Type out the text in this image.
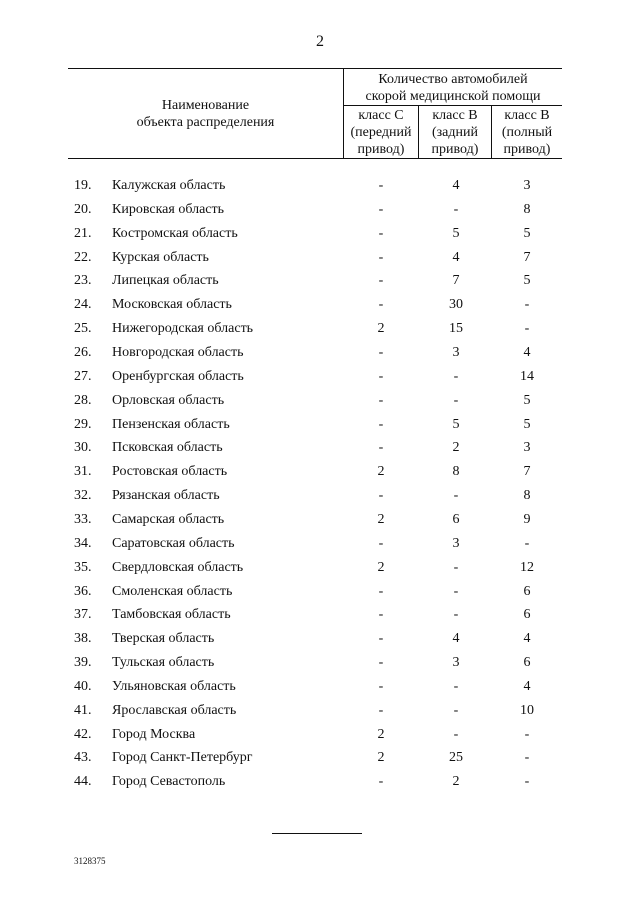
2
Наименование
объекта распределения
Количество автомобилей
скорой медицинской помощи
класс C
(передний
привод)
класс B
(задний
привод)
класс B
(полный
привод)
19.	Калужская область	-	4	3
20.	Кировская область	-	-	8
21.	Костромская область	-	5	5
22.	Курская область	-	4	7
23.	Липецкая область	-	7	5
24.	Московская область	-	30	-
25.	Нижегородская область	2	15	-
26.	Новгородская область	-	3	4
27.	Оренбургская область	-	-	14
28.	Орловская область	-	-	5
29.	Пензенская область	-	5	5
30.	Псковская область	-	2	3
31.	Ростовская область	2	8	7
32.	Рязанская область	-	-	8
33.	Самарская область	2	6	9
34.	Саратовская область	-	3	-
35.	Свердловская область	2	-	12
36.	Смоленская область	-	-	6
37.	Тамбовская область	-	-	6
38.	Тверская область	-	4	4
39.	Тульская область	-	3	6
40.	Ульяновская область	-	-	4
41.	Ярославская область	-	-	10
42.	Город Москва	2	-	-
43.	Город Санкт-Петербург	2	25	-
44.	Город Севастополь	-	2	-
3128375
